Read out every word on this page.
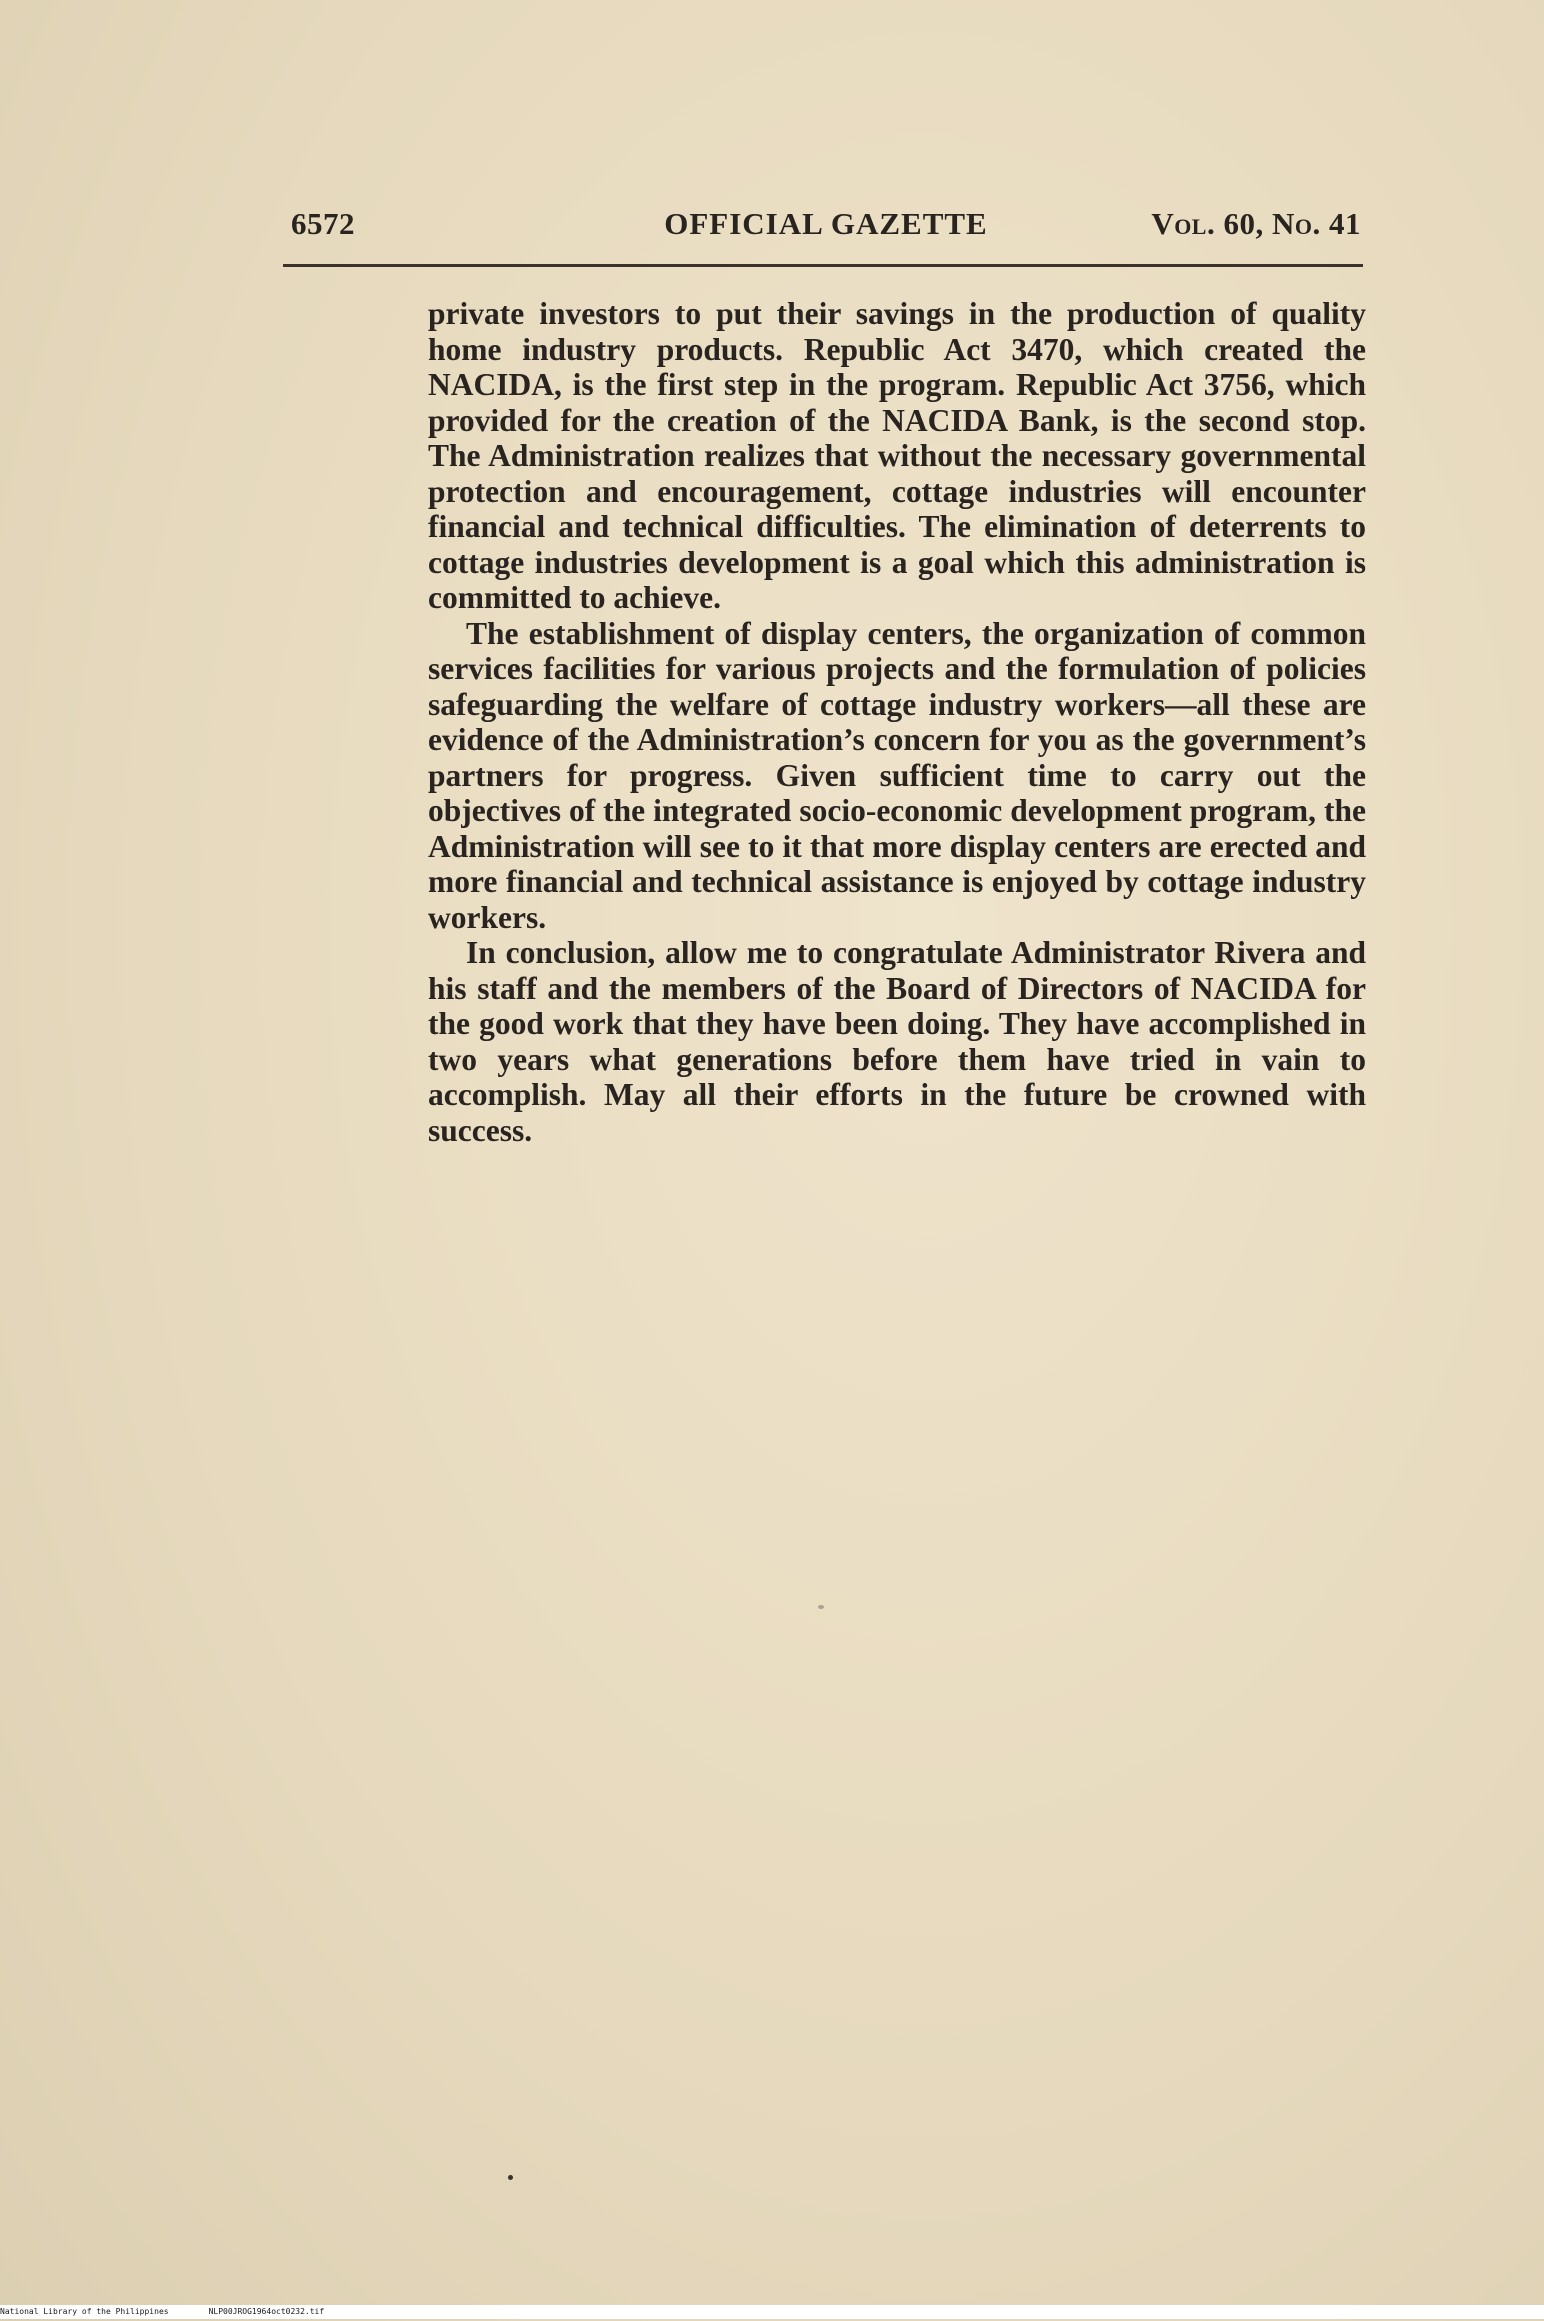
6572	OFFICIAL GAZETTE	Vol. 60, No. 41

private investors to put their savings in the production of quality home industry products. Republic Act 3470, which created the NACIDA, is the first step in the program. Republic Act 3756, which provided for the creation of the NACIDA Bank, is the second stop. The Administration realizes that without the necessary governmental protection and encouragement, cottage industries will encounter financial and technical difficulties. The elimination of deterrents to cottage industries development is a goal which this administration is committed to achieve.

The establishment of display centers, the organization of common services facilities for various projects and the formulation of policies safeguarding the welfare of cottage industry workers—all these are evidence of the Administration’s concern for you as the government’s partners for progress. Given sufficient time to carry out the objectives of the integrated socio-economic development program, the Administration will see to it that more display centers are erected and more financial and technical assistance is enjoyed by cottage industry workers.

In conclusion, allow me to congratulate Administrator Rivera and his staff and the members of the Board of Directors of NACIDA for the good work that they have been doing. They have accomplished in two years what generations before them have tried in vain to accomplish. May all their efforts in the future be crowned with success.

National Library of the Philippines	NLP00JROG1964oct0232.tif
